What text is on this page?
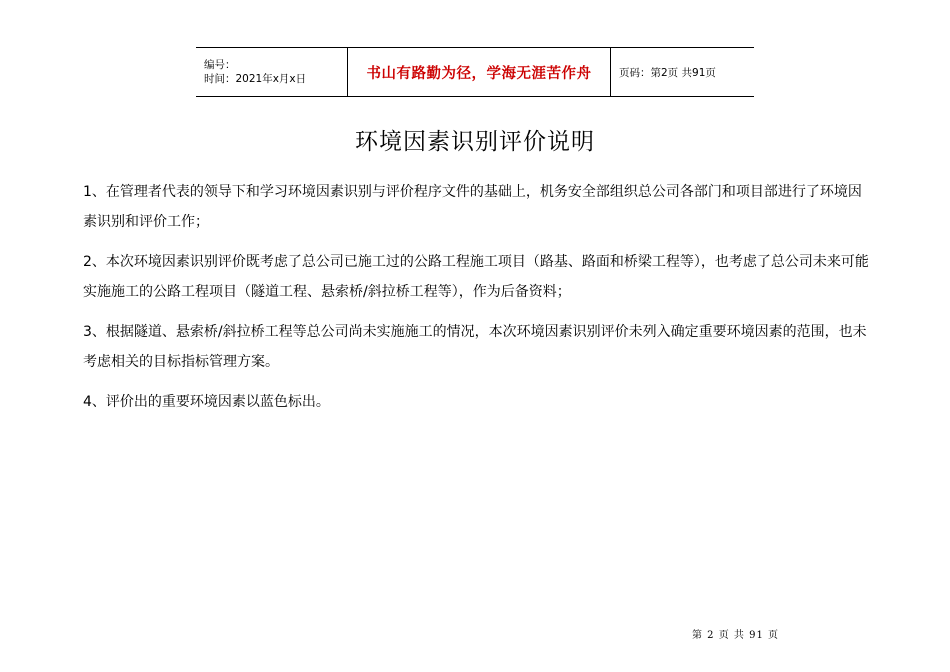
编号：
时间：2021年x月x日	书山有路勤为径，学海无涯苦作舟	页码：第2页 共91页
环境因素识别评价说明
1、在管理者代表的领导下和学习环境因素识别与评价程序文件的基础上，机务安全部组织总公司各部门和项目部进行了环境因素识别和评价工作；
2、本次环境因素识别评价既考虑了总公司已施工过的公路工程施工项目（路基、路面和桥梁工程等），也考虑了总公司未来可能实施施工的公路工程项目（隧道工程、悬索桥/斜拉桥工程等），作为后备资料；
3、根据隧道、悬索桥/斜拉桥工程等总公司尚未实施施工的情况，本次环境因素识别评价未列入确定重要环境因素的范围，也未考虑相关的目标指标管理方案。
4、评价出的重要环境因素以蓝色标出。
第 2 页 共 91 页
